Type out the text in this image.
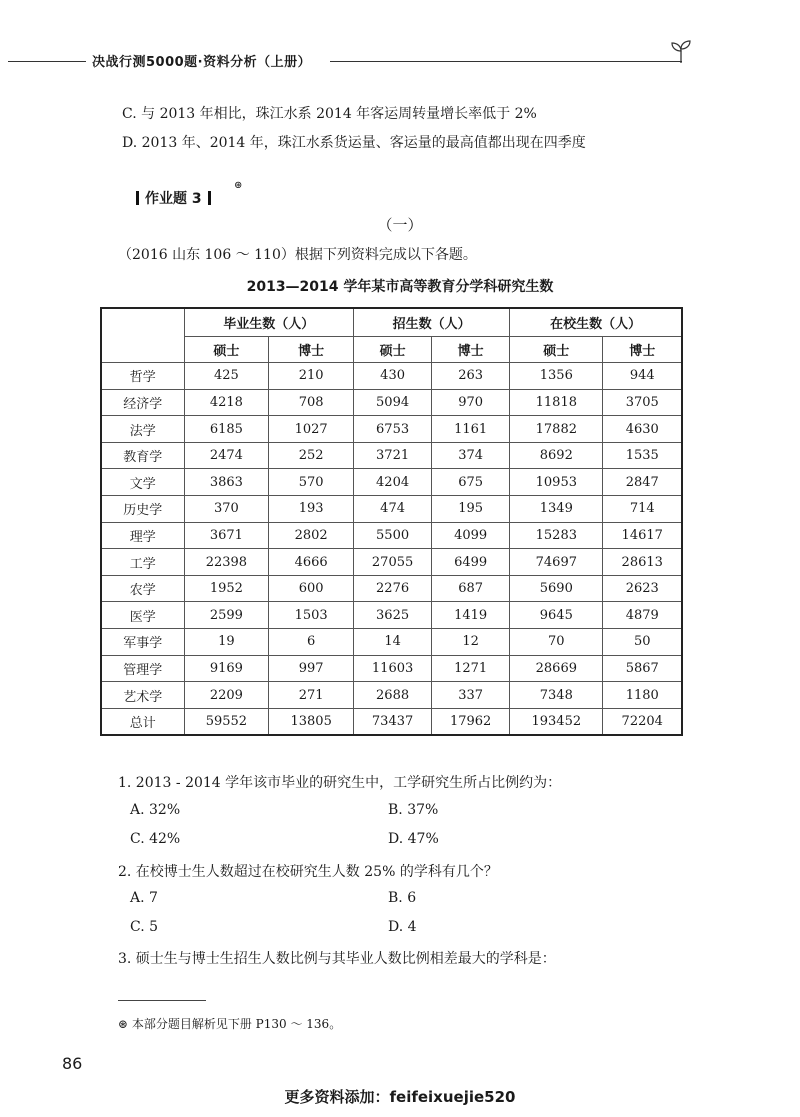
决战行测5000题·资料分析（上册）
C. 与 2013 年相比，珠江水系 2014 年客运周转量增长率低于 2%
D. 2013 年、2014 年，珠江水系货运量、客运量的最高值都出现在四季度
作业题 3
⊛
（一）
（2016 山东 106 ～ 110）根据下列资料完成以下各题。
2013—2014 学年某市高等教育分学科研究生数
	毕业生数（人）		招生数（人）		在校生数（人）	
	硕士	博士	硕士	博士	硕士	博士
哲学	425	210	430	263	1356	944
经济学	4218	708	5094	970	11818	3705
法学	6185	1027	6753	1161	17882	4630
教育学	2474	252	3721	374	8692	1535
文学	3863	570	4204	675	10953	2847
历史学	370	193	474	195	1349	714
理学	3671	2802	5500	4099	15283	14617
工学	22398	4666	27055	6499	74697	28613
农学	1952	600	2276	687	5690	2623
医学	2599	1503	3625	1419	9645	4879
军事学	19	6	14	12	70	50
管理学	9169	997	11603	1271	28669	5867
艺术学	2209	271	2688	337	7348	1180
总计	59552	13805	73437	17962	193452	72204
1. 2013 - 2014 学年该市毕业的研究生中，工学研究生所占比例约为：
A. 32%	B. 37%
C. 42%	D. 47%
2. 在校博士生人数超过在校研究生人数 25% 的学科有几个？
A. 7	B. 6
C. 5	D. 4
3. 硕士生与博士生招生人数比例与其毕业人数比例相差最大的学科是：
⊛ 本部分题目解析见下册 P130 ～ 136。
86
更多资料添加：feifeixuejie520
